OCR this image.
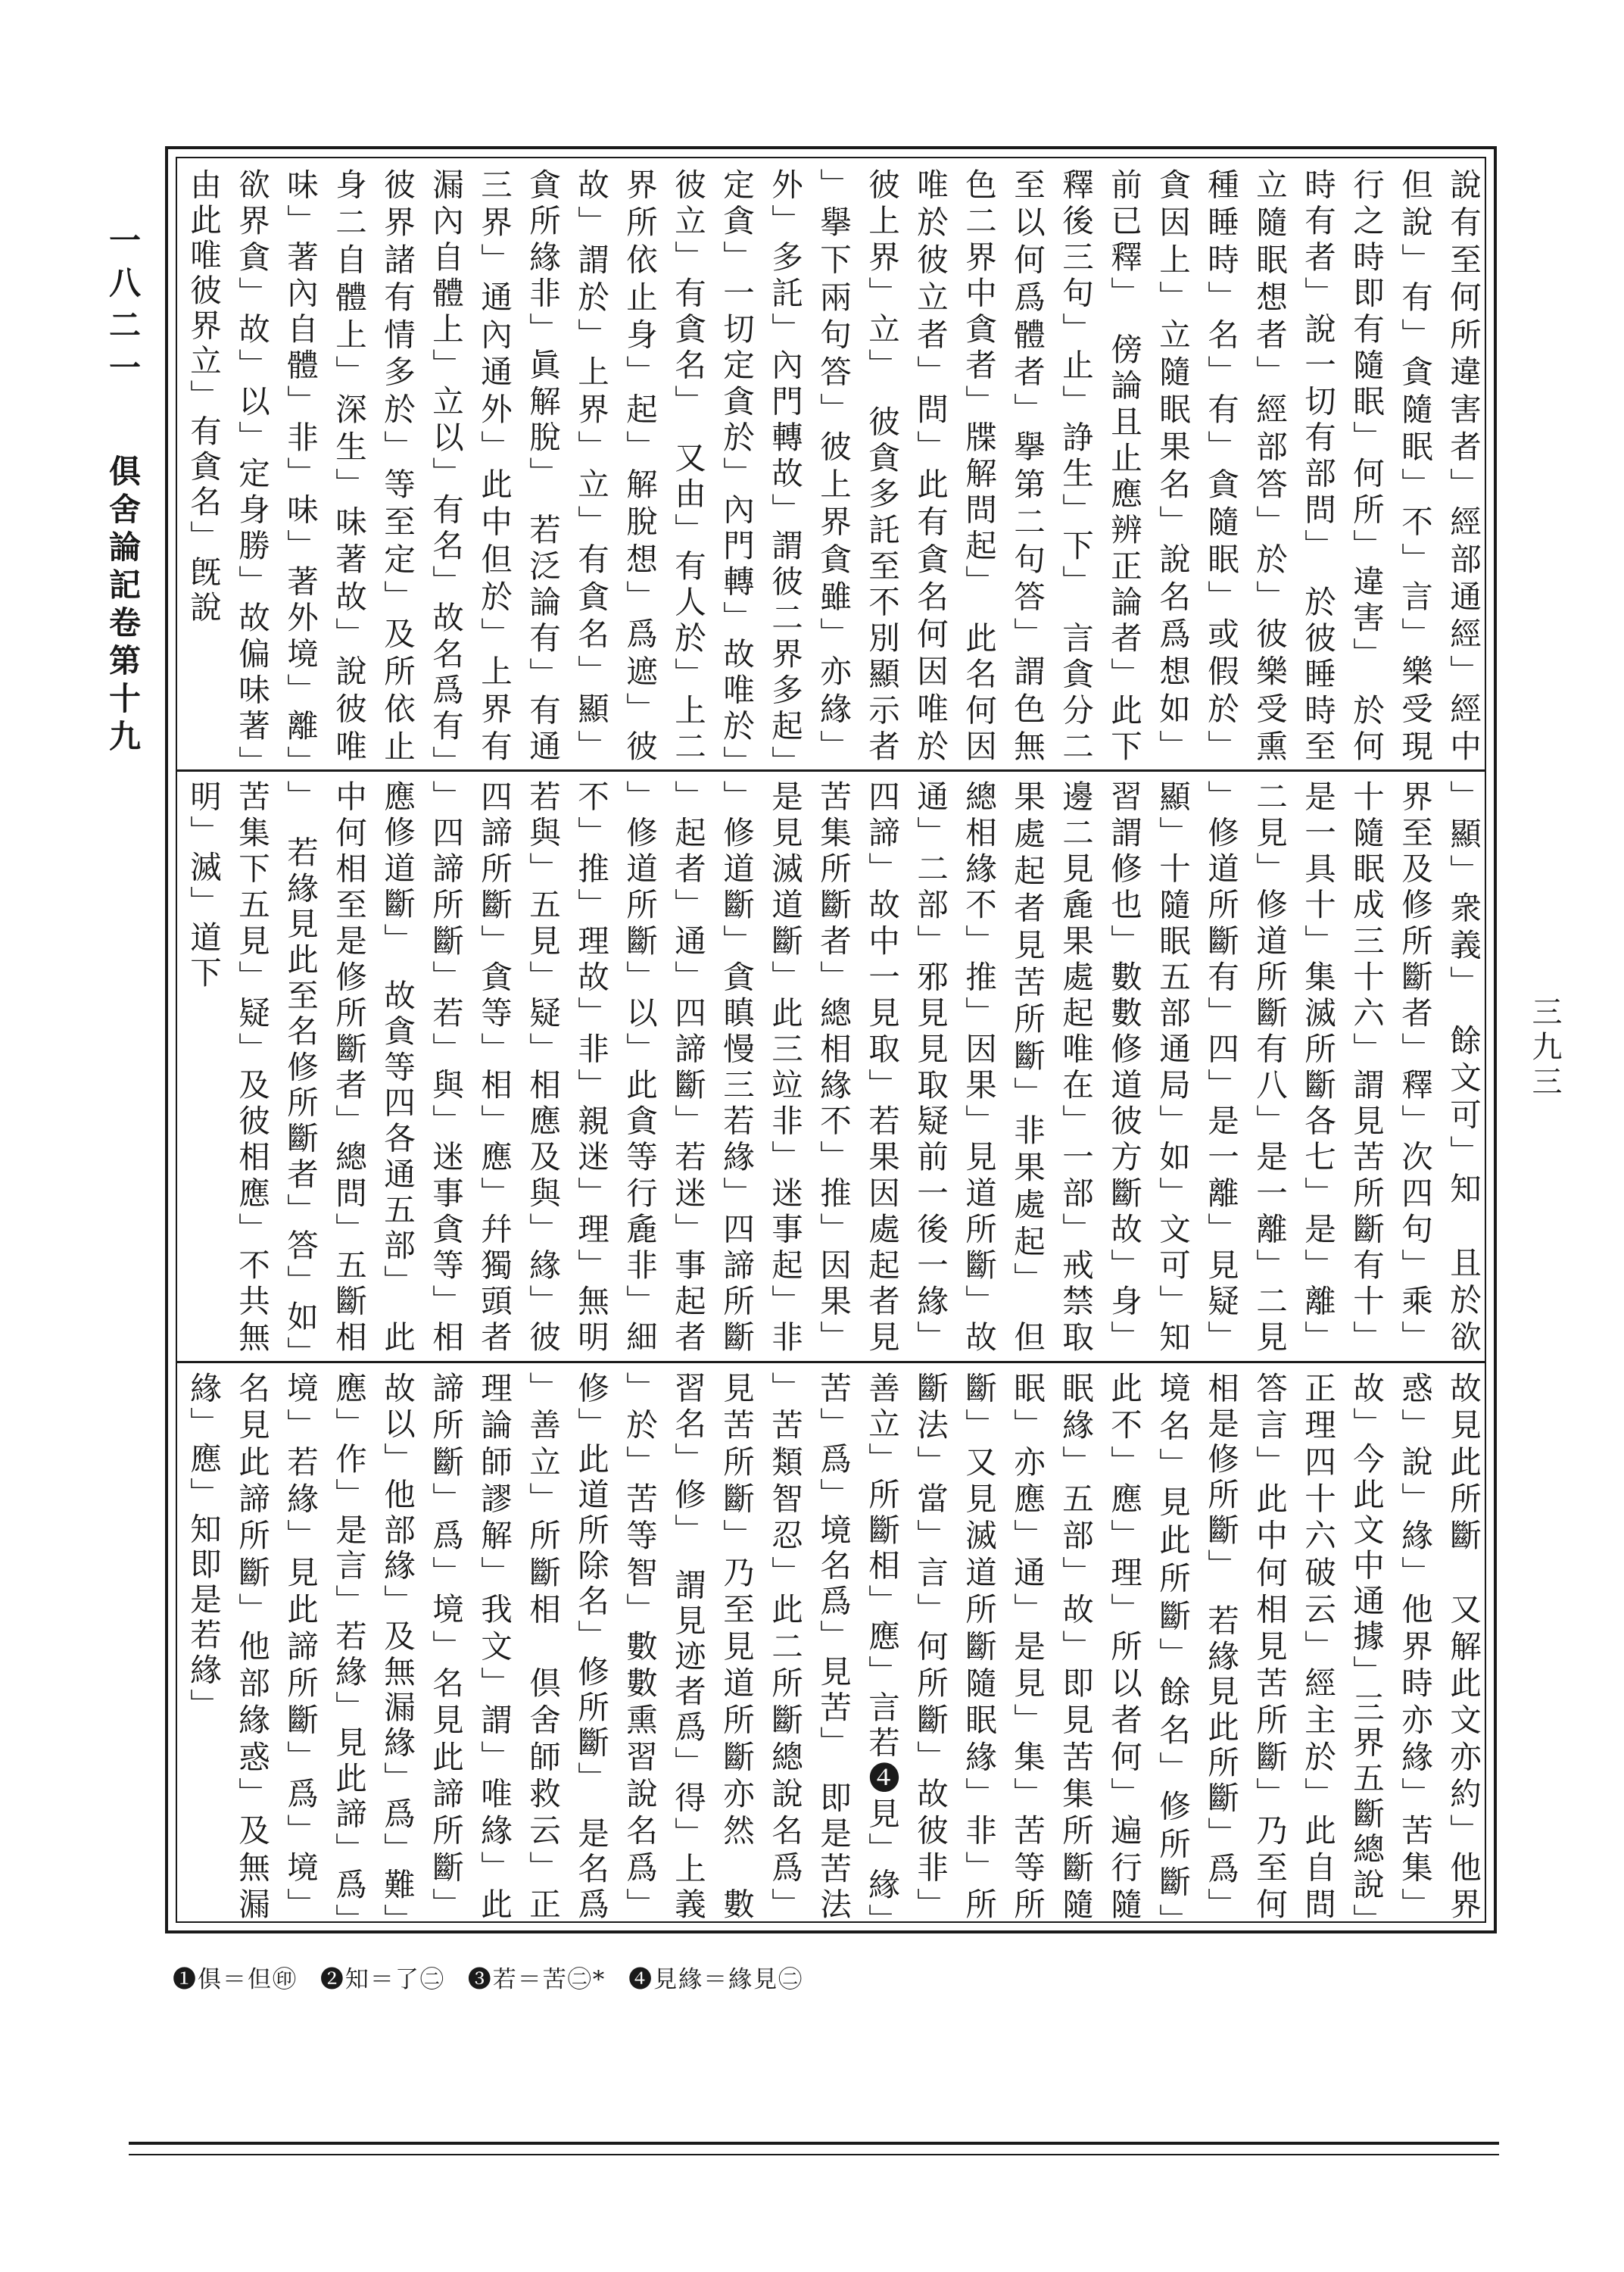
　　　　說有至何所違害者」經部通經」經中但說」有」貪隨眠」不」言」樂受現行之時即有隨眠」何所」違害」　於何時有者」說一切有部問」　於彼睡時至立隨眠想者」經部答」於」彼樂受熏種睡時」名」有」貪隨眠」或假於」貪因上」立隨眠果名」說名爲想如」前已釋」　傍論且止應辨正論者」此下釋後三句」止」諍生」下」　言貪分二至以何爲體者」擧第二句答」謂色無色二界中貪者」牒解問起」　此名何因唯於彼立者」問」此有貪名何因唯於彼上界」立」　彼貪多託至不別顯示者」擧下兩句答」彼上界貪雖」亦緣」外」多託」內門轉故」謂彼二界多起」定貪」一切定貪於」內門轉」故唯於」彼立」有貪名」　又由」有人於」上二界所依止身」起」解脫想」爲遮」彼故」謂於」上界」立」有貪名」顯」貪所緣非」眞解脫」　若泛論有」有通三界」通內通外」此中但於」上界有漏內自體上」立以」有名」故名爲有」彼界諸有情多於」等至定」及所依止身二自體上」深生」味著故」說彼唯味」著內自體」非」味」著外境」離」欲界貪」故」以」定身勝」故偏味著」由此唯彼界立」有貪名」旣說
　　　　」顯」衆義」　餘文可」知　且於欲界至及修所斷者」釋」次四句」乘」十隨眠成三十六」謂見苦所斷有十」是一具十」集滅所斷各七」是」離」二見」修道所斷有八」是一離」二見」修道所斷有」四」是一離」見疑」顯」十隨眠五部通局」如」文可」知　習謂修也」數數修道彼方斷故」身」邊二見麁果處起唯在」一部」戒禁取果處起者見苦所斷」非果處起」　但總相緣不」推」因果」見道所斷」故通」二部」邪見見取疑前一後一緣」四諦」故中一見取」若果因處起者見苦集所斷者」總相緣不」推」因果」是見滅道斷」此三竝非」迷事起」非」修道斷」貪瞋慢三若緣」四諦所斷」起者」通」四諦斷」若迷」事起者」修道所斷」以」此貪等行麁非」細不」推」理故」非」親迷」理」無明若與」五見」疑」相應及與」緣」彼四諦所斷」貪等」相」應」幷獨頭者」四諦所斷」若」與」迷事貪等」相應修道斷」　故貪等四各通五部」　此中何相至是修所斷者」總問」五斷相」　若緣見此至名修所斷者」答」如」苦集下五見」疑」及彼相應」不共無明」滅」道下
　　　　　故見此所斷　又解此文亦約」他界惑」說」緣」他界時亦緣」苦集」故」今此文中通據」三界五斷總說」　正理四十六破云」經主於」此自問答言」此中何相見苦所斷」乃至何相是修所斷」　若緣見此所斷」爲」境名」見此所斷」餘名」修所斷」　此不」應」理」所以者何」遍行隨眠緣」五部」故」即見苦集所斷隨眠」亦應」通」是見」集」苦等所斷」又見滅道所斷隨眠緣」非」所斷法」當」言」何所斷」故彼非」善立」所斷相」應」言若❹見」緣」苦」爲」境名爲」見苦」　即是苦法」苦類智忍」此二所斷總說名爲」見苦所斷」乃至見道所斷亦然　數習名」修」　謂見迹者爲」得」上義」於」苦等智」數數熏習說名爲」修」此道所除名」修所斷」　是名爲」善立」所斷相　倶舍師救云」正理論師謬解」我文」謂」唯緣」此諦所斷」爲」境」名見此諦所斷」故以」他部緣」及無漏緣」爲」難」應」作」是言」若緣」見此諦」爲」境」若緣」見此諦所斷」爲」境」名見此諦所斷」他部緣惑」及無漏緣」應」知即是若緣」
一八二一 俱舍論記卷第十九
三九三
❶俱＝但㊞ ❷知＝了㊁ ❸若＝苦㊁* ❹見緣＝緣見㊁
